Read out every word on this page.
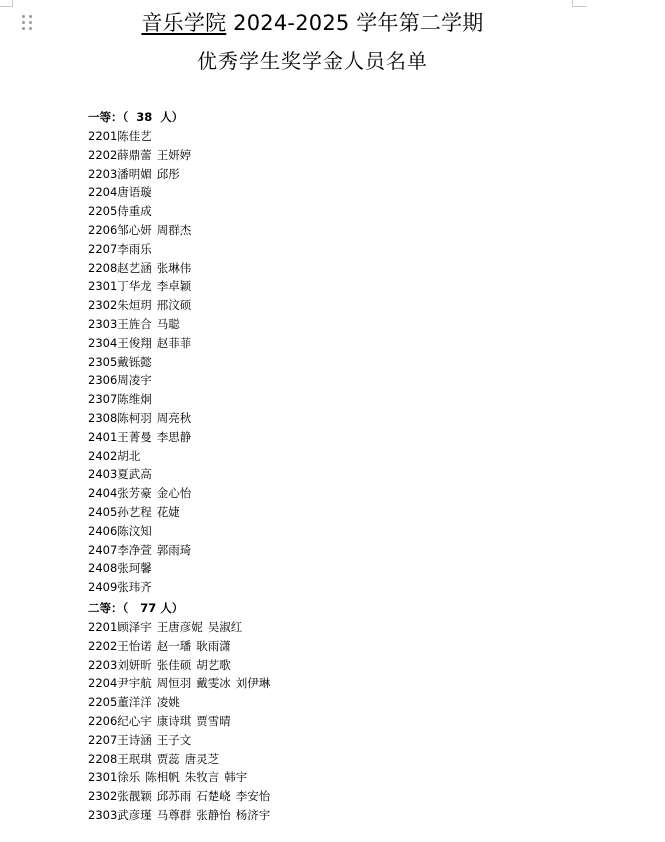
音乐学院 2024-2025 学年第二学期
优秀学生奖学金人员名单
一等：（  38  人）
2201陈佳艺
2202薛鼎蕾 王妍婷
2203潘明媚 邱彤
2204唐语璇
2205侍重成
2206邹心妍 周群杰
2207李雨乐
2208赵艺涵 张琳伟
2301丁华龙 李卓颖
2302朱烜玥 邢汶硕
2303王旌合 马聪
2304王俊翔 赵菲菲
2305戴铄懿
2306周凌宇
2307陈维炯
2308陈柯羽 周亮秋
2401王菁曼 李思静
2402胡北
2403夏武高
2404张芳豪 金心怡
2405孙艺程 花婕
2406陈汶知
2407李净萱 郭雨琦
2408张珂馨
2409张玮齐
二等：（   77 人）
2201顾泽宇 王唐彦妮 吴淑红
2202王怡诺 赵一璠 耿雨潇
2203刘妍昕 张佳硕 胡艺歌
2204尹宇航 周恒羽 戴雯冰 刘伊琳
2205董洋洋 凌姚
2206纪心宇 康诗琪 贾雪晴
2207王诗涵 王子文
2208王珉琪 贾蕊 唐灵芝
2301徐乐 陈相帆 朱牧言 韩宇
2302张靓颖 邱苏雨 石楚峣 李安怡
2303武彦瑾 马尊群 张静怡 杨济宇
